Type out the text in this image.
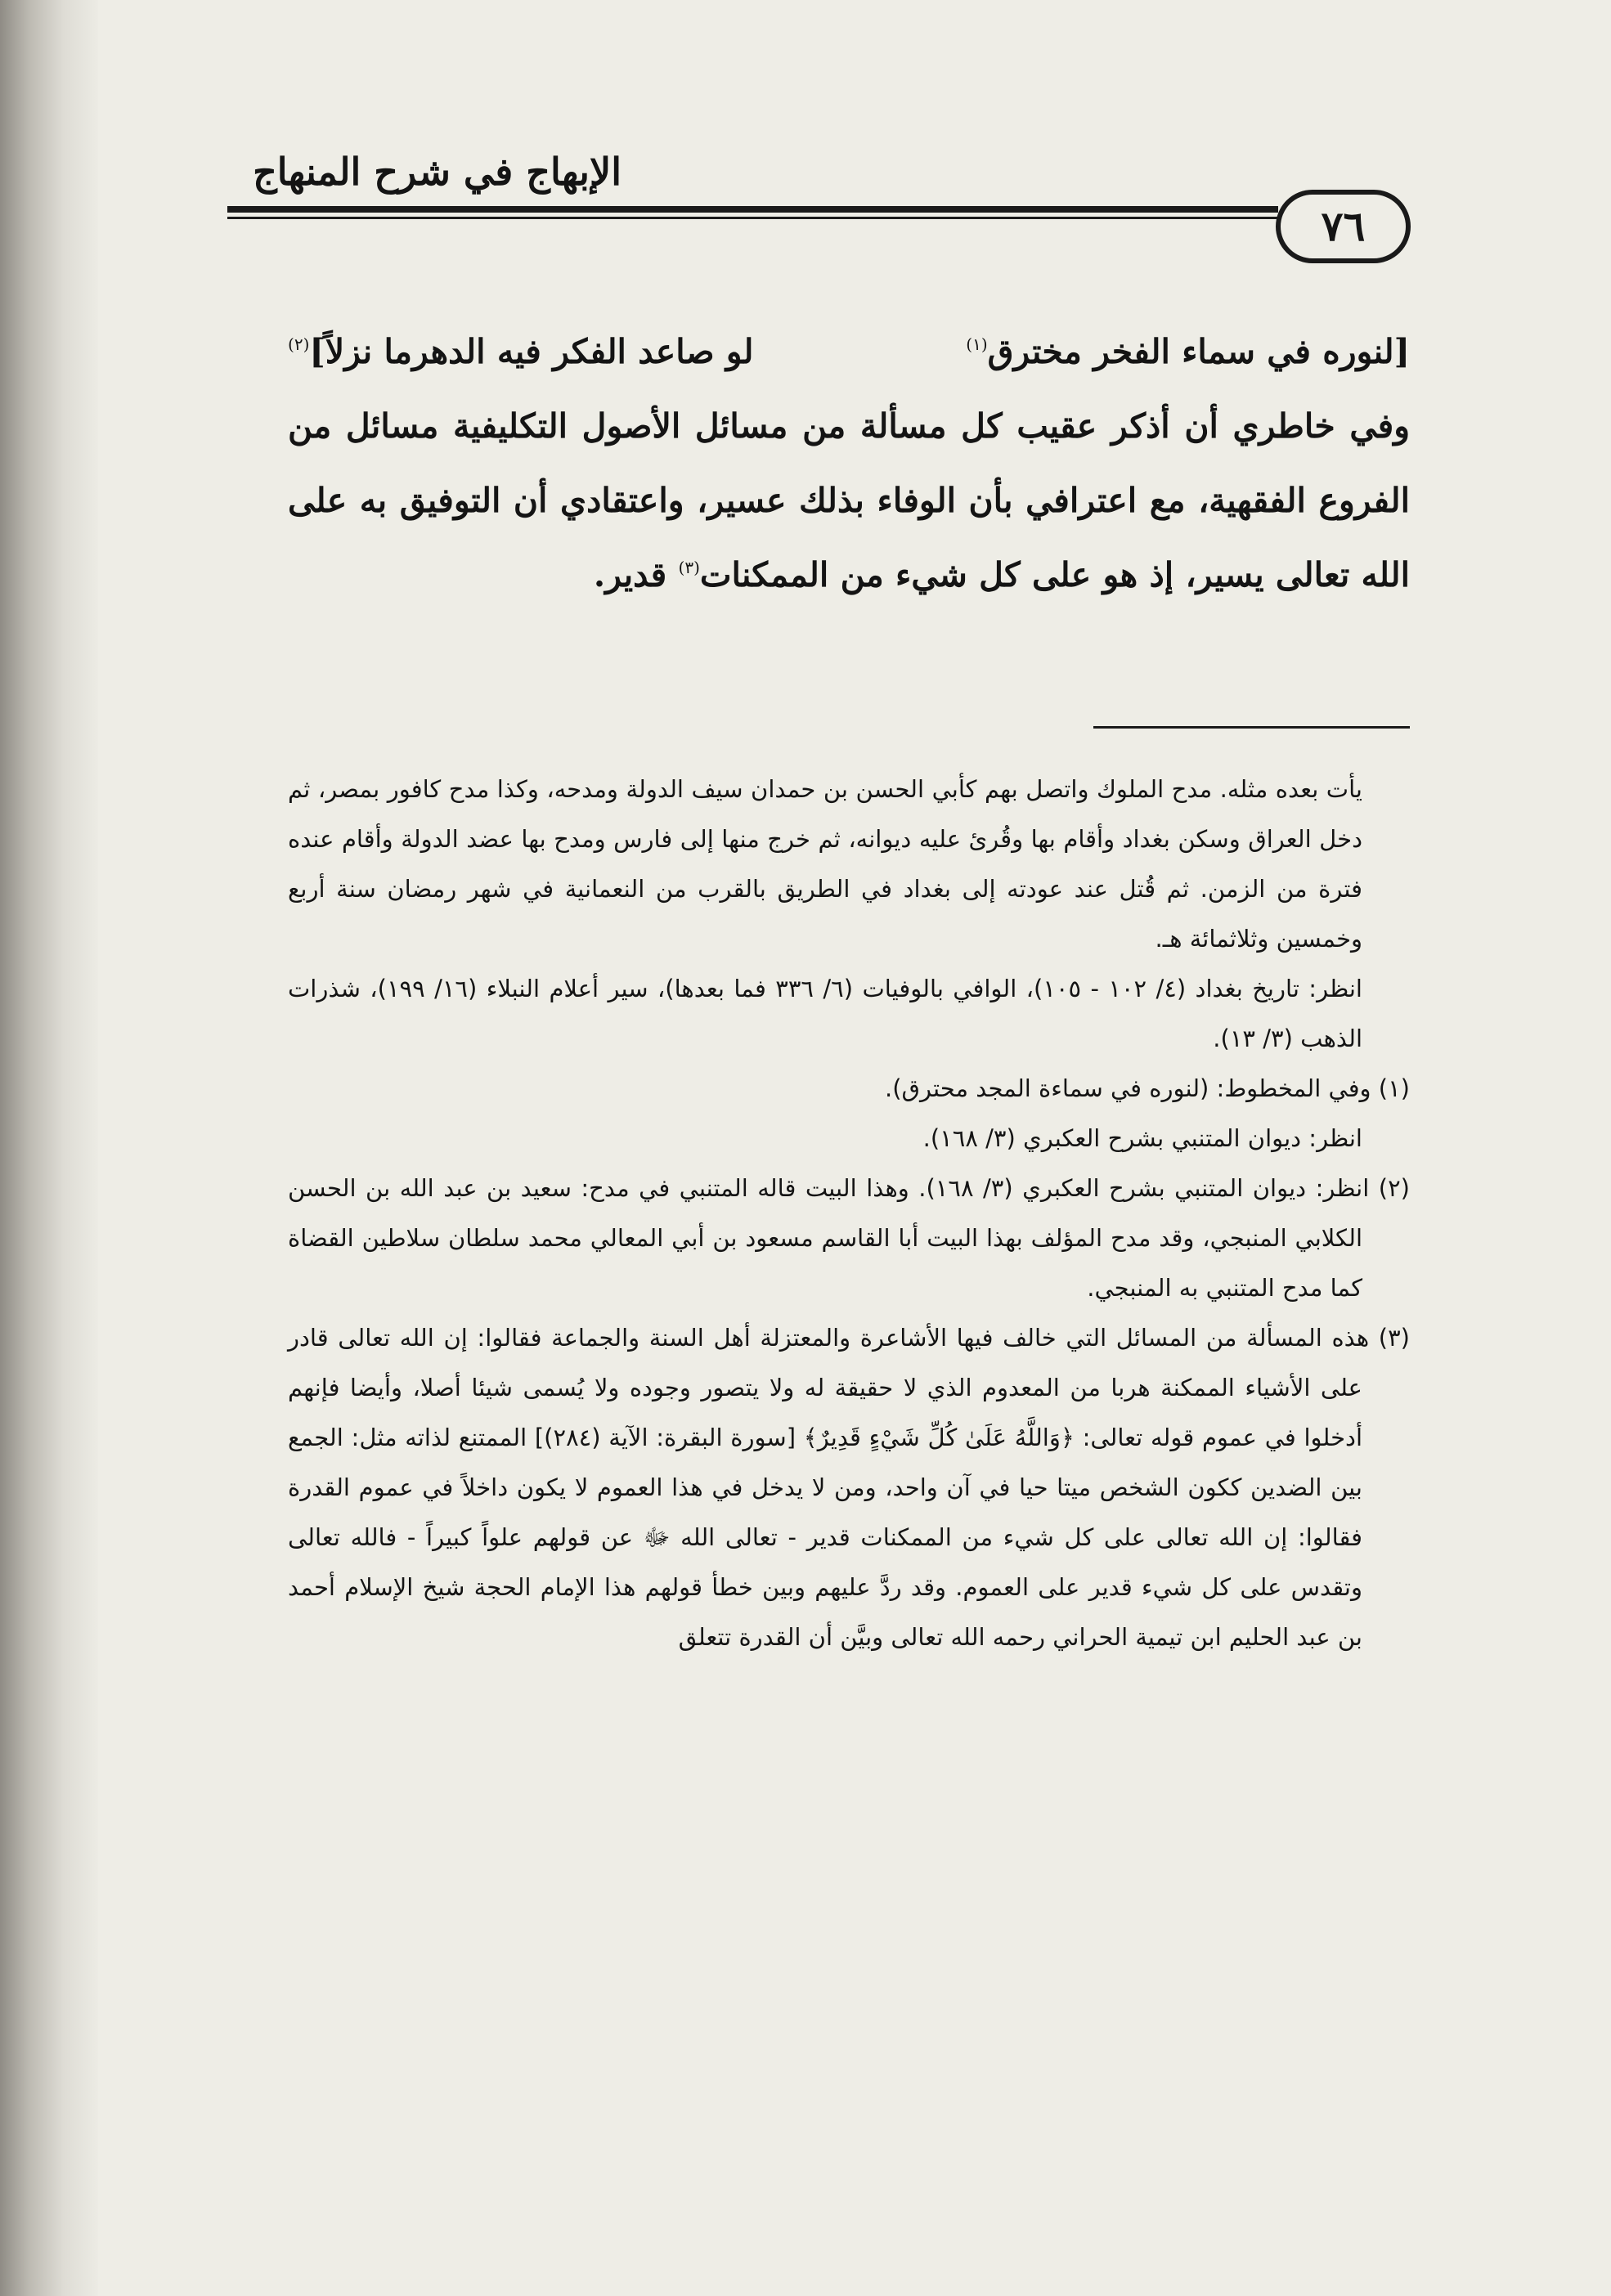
الإبهاج في شرح المنهاج
٧٦
[لنوره في سماء الفخر مخترق$^{(١)}$
لو صاعد الفكر فيه الدهرما نزلاً]$^{(٢)}$

وفي خاطري أن أذكر عقيب كل مسألة من مسائل الأصول التكليفية مسائل من الفروع الفقهية، مع اعترافي بأن الوفاء بذلك عسير، واعتقادي أن التوفيق به على الله تعالى يسير، إذ هو على كل شيء من الممكنات$^{(٣)}$ قدير.

يأت بعده مثله. مدح الملوك واتصل بهم كأبي الحسن بن حمدان سيف الدولة ومدحه، وكذا مدح كافور بمصر، ثم دخل العراق وسكن بغداد وأقام بها وقُرئ عليه ديوانه، ثم خرج منها إلى فارس ومدح بها عضد الدولة وأقام عنده فترة من الزمن. ثم قُتل عند عودته إلى بغداد في الطريق بالقرب من النعمانية في شهر رمضان سنة أربع وخمسين وثلاثمائة هـ.

انظر: تاريخ بغداد (٤/ ١٠٢ - ١٠٥)، الوافي بالوفيات (٦/ ٣٣٦ فما بعدها)، سير أعلام النبلاء (١٦/ ١٩٩)، شذرات الذهب (٣/ ١٣).

(١) وفي المخطوط: (لنوره في سماءة المجد محترق).

انظر: ديوان المتنبي بشرح العكبري (٣/ ١٦٨).

(٢) انظر: ديوان المتنبي بشرح العكبري (٣/ ١٦٨). وهذا البيت قاله المتنبي في مدح: سعيد بن عبد الله بن الحسن الكلابي المنبجي، وقد مدح المؤلف بهذا البيت أبا القاسم مسعود بن أبي المعالي محمد سلطان سلاطين القضاة كما مدح المتنبي به المنبجي.

(٣) هذه المسألة من المسائل التي خالف فيها الأشاعرة والمعتزلة أهل السنة والجماعة فقالوا: إن الله تعالى قادر على الأشياء الممكنة هربا من المعدوم الذي لا حقيقة له ولا يتصور وجوده ولا يُسمى شيئا أصلا، وأيضا فإنهم أدخلوا في عموم قوله تعالى: ﴿وَاللَّهُ عَلَىٰ كُلِّ شَيْءٍ قَدِيرٌ﴾ [سورة البقرة: الآية (٢٨٤)] الممتنع لذاته مثل: الجمع بين الضدين ككون الشخص ميتا حيا في آن واحد، ومن لا يدخل في هذا العموم لا يكون داخلاً في عموم القدرة فقالوا: إن الله تعالى على كل شيء من الممكنات قدير - تعالى الله ﷻ عن قولهم علواً كبيراً - فالله تعالى وتقدس على كل شيء قدير على العموم. وقد ردَّ عليهم وبين خطأ قولهم هذا الإمام الحجة شيخ الإسلام أحمد بن عبد الحليم ابن تيمية الحراني رحمه الله تعالى وبيَّن أن القدرة تتعلق
